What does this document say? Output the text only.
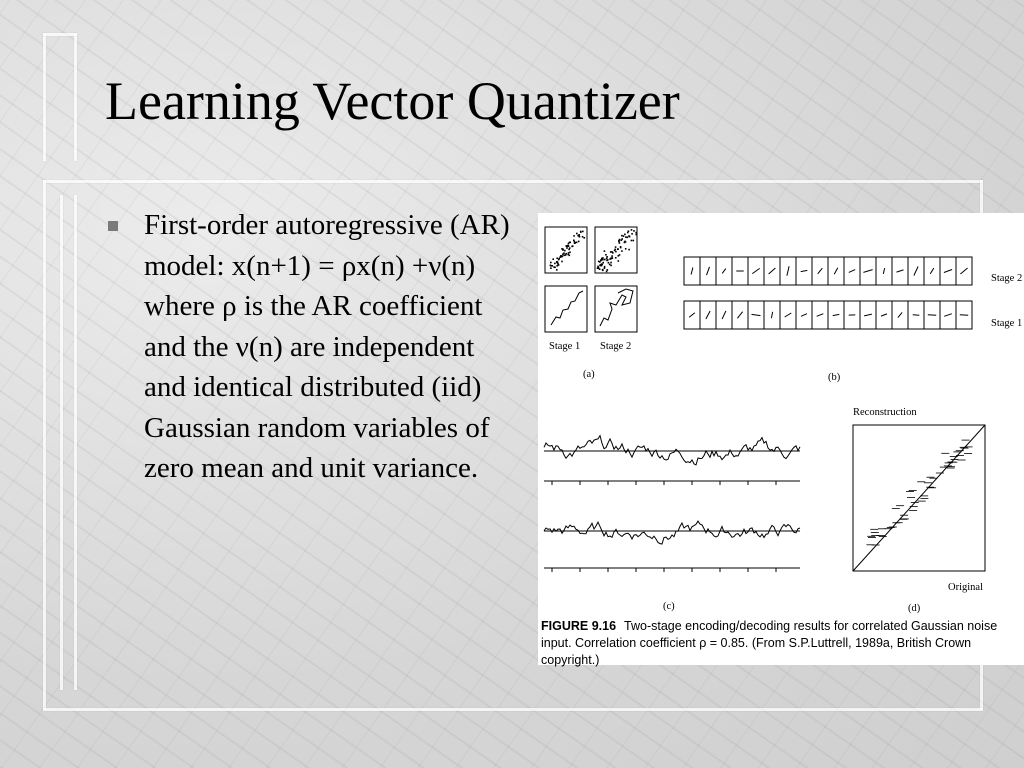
Learning Vector Quantizer
First-order autoregressive (AR) model: x(n+1) = ρx(n) +ν(n) where ρ is the AR coefficient and the ν(n) are independent and identical distributed (iid) Gaussian random variables of zero mean and unit variance.
Stage 1 Stage 2
(a)
Stage 2
Stage 1
(b)
(c)
Reconstruction
Original
(d)
FIGURE 9.16 Two-stage encoding/decoding results for correlated Gaussian noise input. Correlation coefficient ρ = 0.85. (From S.P.Luttrell, 1989a, British Crown copyright.)
